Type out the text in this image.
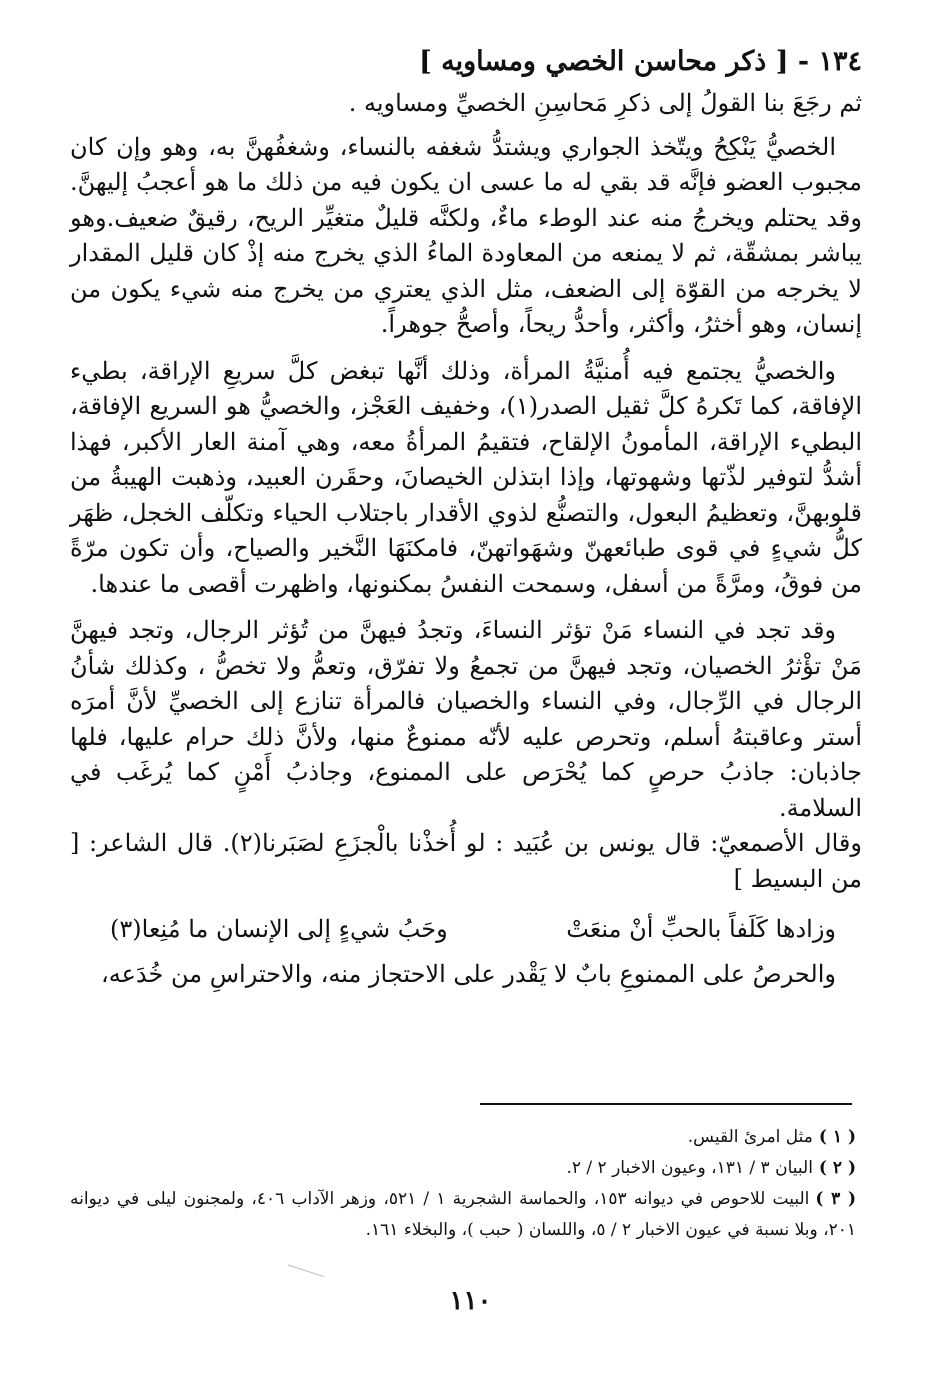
١٣٤ - [ ذكر محاسن الخصي ومساويه ]

ثم رجَعَ بنا القولُ إلى ذكرِ مَحاسِنِ الخصيِّ ومساويه .

الخصيُّ يَنْكِحُ ويتّخذ الجواري ويشتدُّ شغفه بالنساء، وشغفُهنَّ به، وهو وإن كان مجبوب العضو فإنَّه قد بقي له ما عسى ان يكون فيه من ذلك ما هو أعجبُ إليهنَّ. وقد يحتلم ويخرجُ منه عند الوطء ماءٌ، ولكنَّه قليلٌ متغيِّر الريح، رقيقٌ ضعيف.وهو يباشر بمشقّة، ثم لا يمنعه من المعاودة الماءُ الذي يخرج منه إذْ كان قليل المقدار لا يخرجه من القوّة إلى الضعف، مثل الذي يعتري من يخرج منه شيء يكون من إنسان، وهو أخثرُ، وأكثر، وأحدُّ ريحاً، وأصحُّ جوهراً.

والخصيُّ يجتمع فيه أُمنيَّةُ المرأة، وذلك أنَّها تبغض كلَّ سريعِ الإراقة، بطيء الإفاقة، كما تَكرهُ كلَّ ثقيل الصدر(١)، وخفيف العَجْز، والخصيُّ هو السريع الإفاقة، البطيء الإراقة، المأمونُ الإلقاح، فتقيمُ المرأةُ معه، وهي آمنة العار الأكبر، فهذا أشدُّ لتوفير لذّتها وشهوتها، وإذا ابتذلن الخيصانَ، وحقَرن العبيد، وذهبت الهيبةُ من قلوبهنَّ، وتعظيمُ البعول، والتصنُّع لذوي الأقدار باجتلاب الحياء وتكلّف الخجل، ظهَر كلُّ شيءٍ في قوى طبائعهنّ وشهَواتهنّ، فامكنَهَا النَّخير والصياح، وأن تكون مرّةً من فوقُ، ومرَّةً من أسفل، وسمحت النفسُ بمكنونها، واظهرت أقصى ما عندها.

وقد تجد في النساء مَنْ تؤثر النساءَ، وتجدُ فيهنَّ من تُؤثر الرجال، وتجد فيهنَّ مَنْ تؤْثرُ الخصيان، وتجد فيهنَّ من تجمعُ ولا تفرّق، وتعمُّ ولا تخصُّ ، وكذلك شأنُ الرجال في الرِّجال، وفي النساء والخصيان فالمرأة تنازع إلى الخصيِّ لأنَّ أمرَه أستر وعاقبتهُ أسلم، وتحرص عليه لأنّه ممنوعٌ منها، ولأنَّ ذلك حرام عليها، فلها جاذبان: جاذبُ حرصٍ كما يُحْرَص على الممنوع، وجاذبُ أَمْنٍ كما يُرغَب في السلامة.

وقال الأصمعيّ: قال يونس بن عُبَيد : لو أُخذْنا بالْجزَعِ لصَبَرنا(٢). قال الشاعر: [ من البسيط ]

وزادها كَلَفاً بالحبِّ أنْ منعَتْ
وحَبُ شيءٍ إلى الإنسان ما مُنِعا(٣)

والحرصُ على الممنوعِ بابٌ لا يَقْدر على الاحتجاز منه، والاحتراسِ من خُدَعه،

( ١ )مثل امرئ القيس.

( ٢ )البيان ٣ / ١٣١، وعيون الاخبار ٢ / ٢.

( ٣ )البيت للاحوص في ديوانه ١٥٣، والحماسة الشجرية ١ / ٥٢١، وزهر الآداب ٤٠٦، ولمجنون ليلى في ديوانه ٢٠١، وبلا نسبة في عيون الاخبار ٢ / ٥، واللسان ( حبب )، والبخلاء ١٦١.

١١٠
